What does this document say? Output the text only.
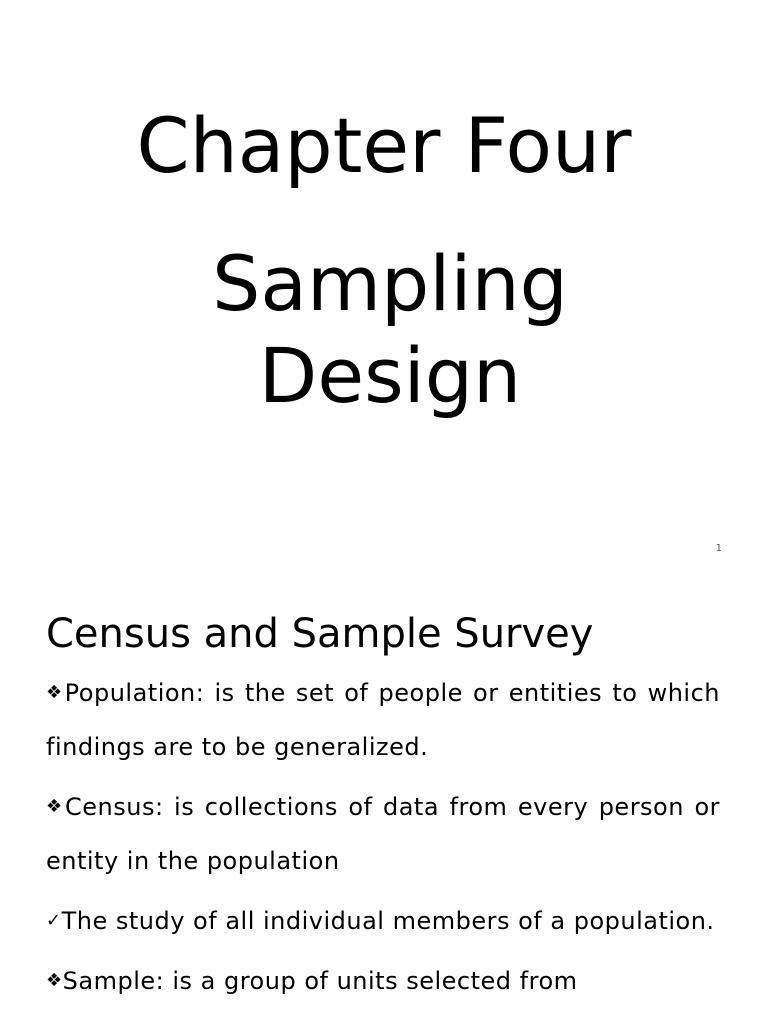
Chapter Four
Sampling
Design
1
Census and Sample Survey

❖Population: is the set of people or entities to which findings are to be generalized.

❖Census: is collections of data from every person or entity in the population

✓The study of all individual members of a population.

❖Sample: is a group of units selected from
